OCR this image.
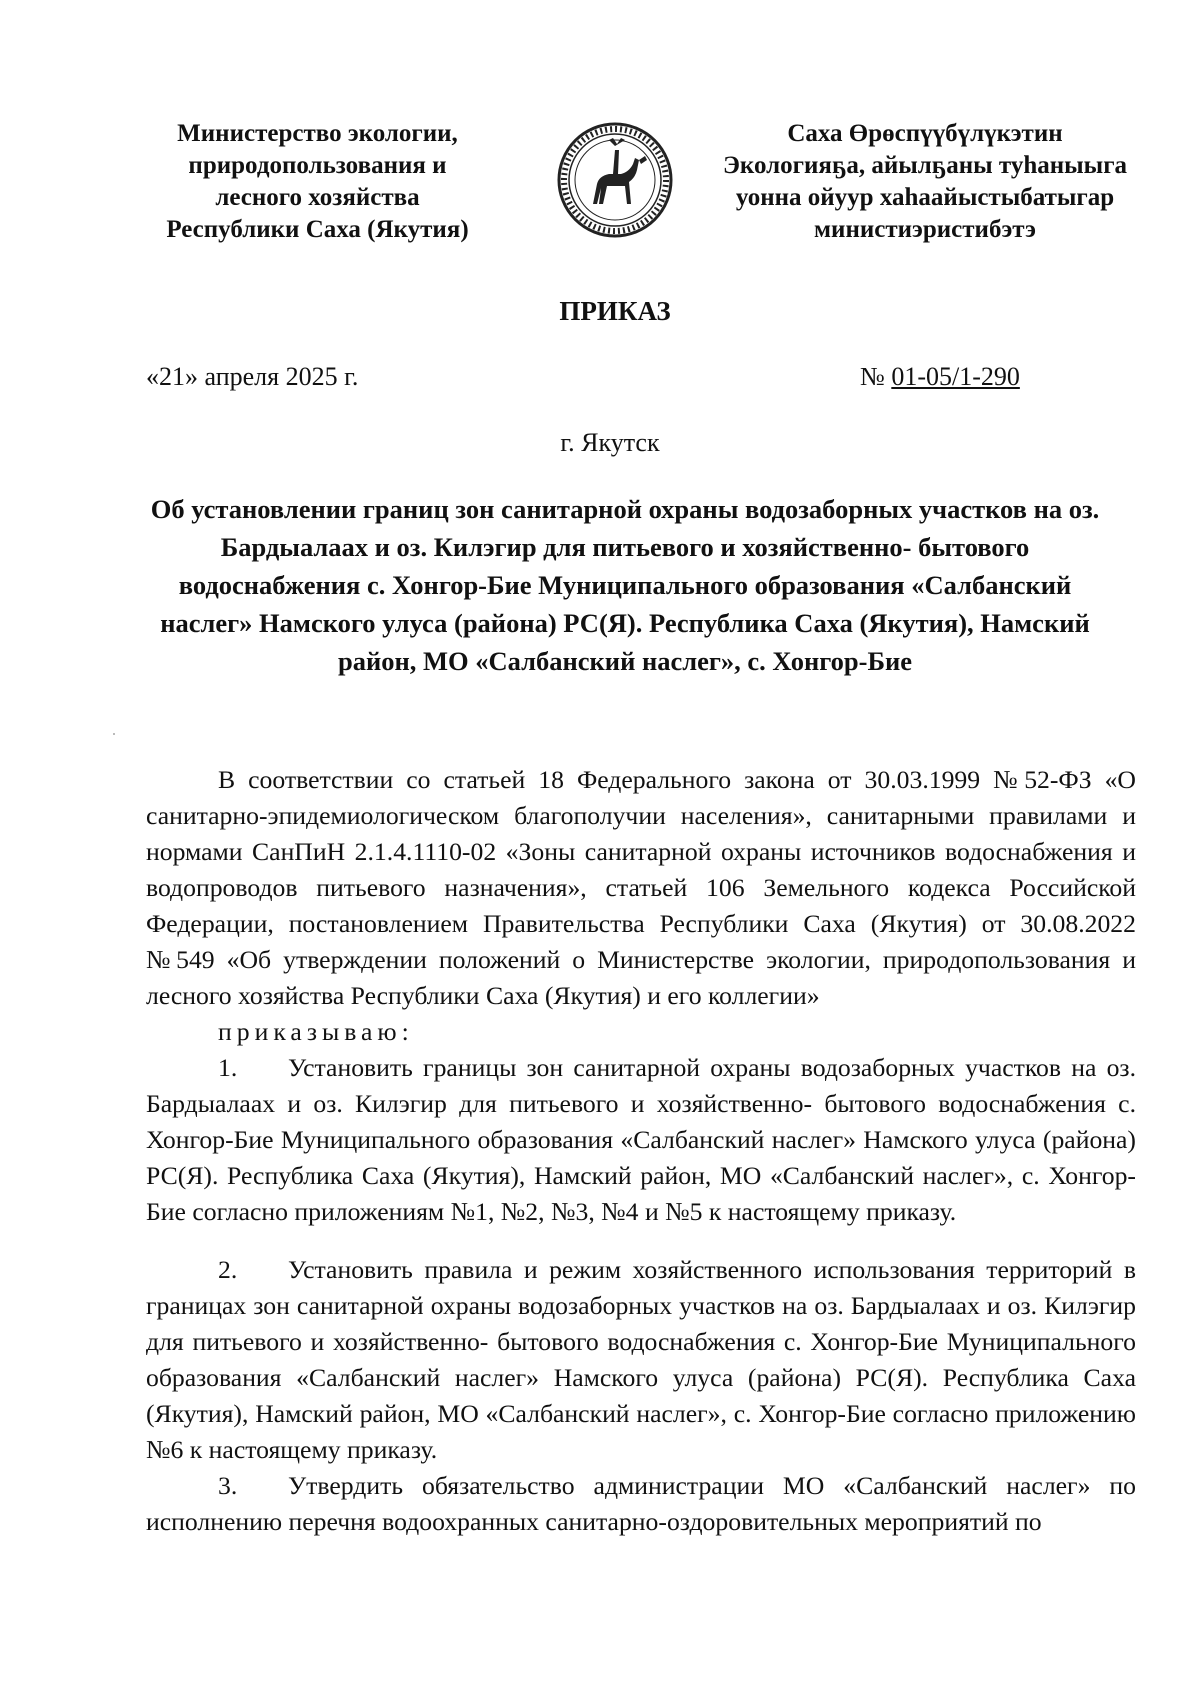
Министерство экологии,
природопользования и
лесного хозяйства
Республики Саха (Якутия)
Саха Өрөспүүбүлүкэтин
Экологияҕа, айылҕаны туһаныыга
уонна ойуур хаһаайыстыбатыгар
министиэристибэтэ
ПРИКАЗ
«21» апреля 2025 г.	№ 01-05/1-290
г. Якутск
Об установлении границ зон санитарной охраны водозаборных участков на оз. Бардыалаах и оз. Килэгир для питьевого и хозяйственно- бытового водоснабжения с. Хонгор-Бие Муниципального образования «Салбанский наслег» Намского улуса (района) РС(Я). Республика Саха (Якутия), Намский район, МО «Салбанский наслег», с. Хонгор-Бие

В соответствии со статьей 18 Федерального закона от 30.03.1999 №52-ФЗ «О санитарно-эпидемиологическом благополучии населения», санитарными правилами и нормами СанПиН 2.1.4.1110-02 «Зоны санитарной охраны источников водоснабжения и водопроводов питьевого назначения», статьей 106 Земельного кодекса Российской Федерации, постановлением Правительства Республики Саха (Якутия) от 30.08.2022 №549 «Об утверждении положений о Министерстве экологии, природопользования и лесного хозяйства Республики Саха (Якутия) и его коллегии»

приказываю:

1. Установить границы зон санитарной охраны водозаборных участков на оз. Бардыалаах и оз. Килэгир для питьевого и хозяйственно- бытового водоснабжения с. Хонгор-Бие Муниципального образования «Салбанский наслег» Намского улуса (района) РС(Я). Республика Саха (Якутия), Намский район, МО «Салбанский наслег», с. Хонгор-Бие согласно приложениям №1, №2, №3, №4 и №5 к настоящему приказу.

2. Установить правила и режим хозяйственного использования территорий в границах зон санитарной охраны водозаборных участков на оз. Бардыалаах и оз. Килэгир для питьевого и хозяйственно- бытового водоснабжения с. Хонгор-Бие Муниципального образования «Салбанский наслег» Намского улуса (района) РС(Я). Республика Саха (Якутия), Намский район, МО «Салбанский наслег», с. Хонгор-Бие согласно приложению №6 к настоящему приказу.

3. Утвердить обязательство администрации МО «Салбанский наслег» по исполнению перечня водоохранных санитарно-оздоровительных мероприятий по
